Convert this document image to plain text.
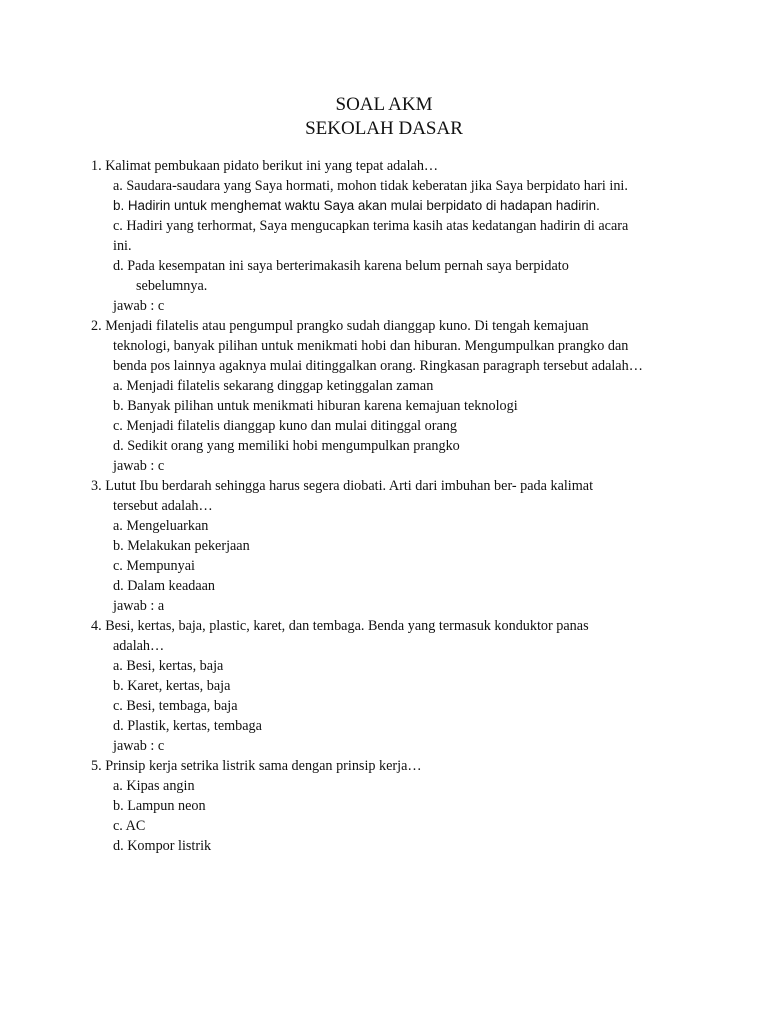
SOAL AKM
SEKOLAH DASAR
1. Kalimat pembukaan pidato berikut ini yang tepat adalah…
a. Saudara-saudara yang Saya hormati, mohon tidak keberatan jika Saya berpidato hari ini.
b. Hadirin untuk menghemat waktu Saya akan mulai berpidato di hadapan hadirin.
c. Hadiri yang terhormat, Saya mengucapkan terima kasih atas kedatangan hadirin di acara
ini.
d. Pada kesempatan ini saya berterimakasih karena belum pernah saya berpidato
sebelumnya.
jawab : c
2. Menjadi filatelis atau pengumpul prangko sudah dianggap kuno. Di tengah kemajuan
teknologi, banyak pilihan untuk menikmati hobi dan hiburan. Mengumpulkan prangko dan
benda pos lainnya agaknya mulai ditinggalkan orang. Ringkasan paragraph tersebut adalah…
a. Menjadi filatelis sekarang dinggap ketinggalan zaman
b. Banyak pilihan untuk menikmati hiburan karena kemajuan teknologi
c. Menjadi filatelis dianggap kuno dan mulai ditinggal orang
d. Sedikit orang yang memiliki hobi mengumpulkan prangko
jawab : c
3. Lutut Ibu berdarah sehingga harus segera diobati. Arti dari imbuhan ber- pada kalimat
tersebut adalah…
a. Mengeluarkan
b. Melakukan pekerjaan
c. Mempunyai
d. Dalam keadaan
jawab : a
4. Besi, kertas, baja, plastic, karet, dan tembaga. Benda yang termasuk konduktor panas
adalah…
a. Besi, kertas, baja
b. Karet, kertas, baja
c. Besi, tembaga, baja
d. Plastik, kertas, tembaga
jawab : c
5. Prinsip kerja setrika listrik sama dengan prinsip kerja…
a. Kipas angin
b. Lampun neon
c. AC
d. Kompor listrik
